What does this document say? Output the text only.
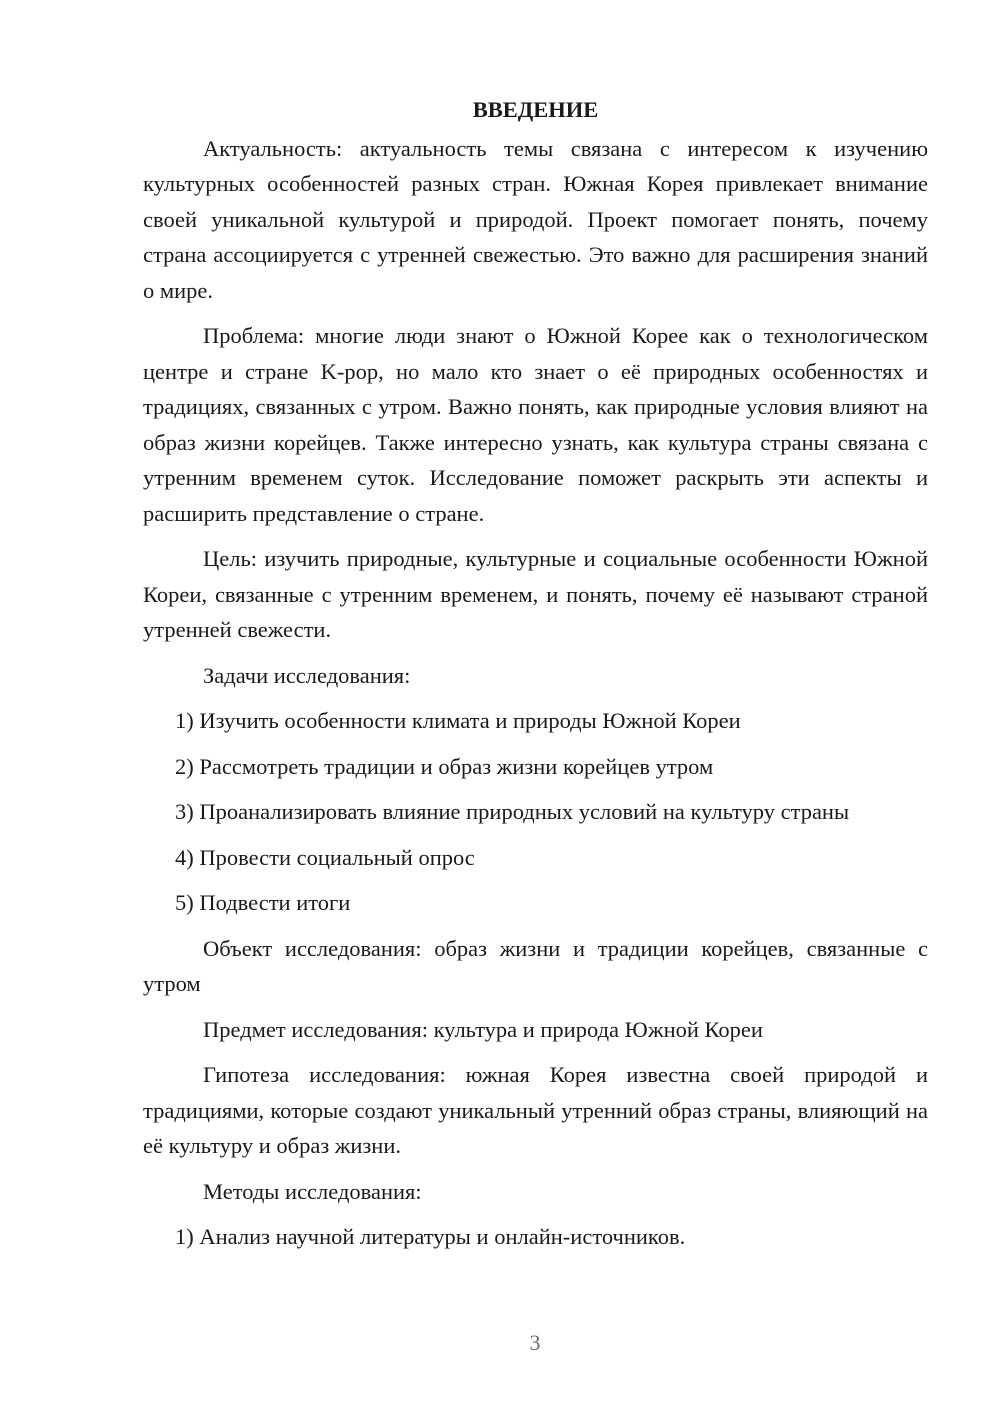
ВВЕДЕНИЕ

Актуальность: актуальность темы связана с интересом к изучению культурных особенностей разных стран. Южная Корея привлекает внимание своей уникальной культурой и природой. Проект помогает понять, почему страна ассоциируется с утренней свежестью. Это важно для расширения знаний о мире.

Проблема: многие люди знают о Южной Корее как о технологическом центре и стране K-pop, но мало кто знает о её природных особенностях и традициях, связанных с утром. Важно понять, как природные условия влияют на образ жизни корейцев. Также интересно узнать, как культура страны связана с утренним временем суток. Исследование поможет раскрыть эти аспекты и расширить представление о стране.

Цель: изучить природные, культурные и социальные особенности Южной Кореи, связанные с утренним временем, и понять, почему её называют страной утренней свежести.

Задачи исследования:

1) Изучить особенности климата и природы Южной Кореи
2) Рассмотреть традиции и образ жизни корейцев утром
3) Проанализировать влияние природных условий на культуру страны
4) Провести социальный опрос
5) Подвести итоги

Объект исследования: образ жизни и традиции корейцев, связанные с утром

Предмет исследования: культура и природа Южной Кореи

Гипотеза исследования: южная Корея известна своей природой и традициями, которые создают уникальный утренний образ страны, влияющий на её культуру и образ жизни.

Методы исследования:

1) Анализ научной литературы и онлайн-источников.
3
